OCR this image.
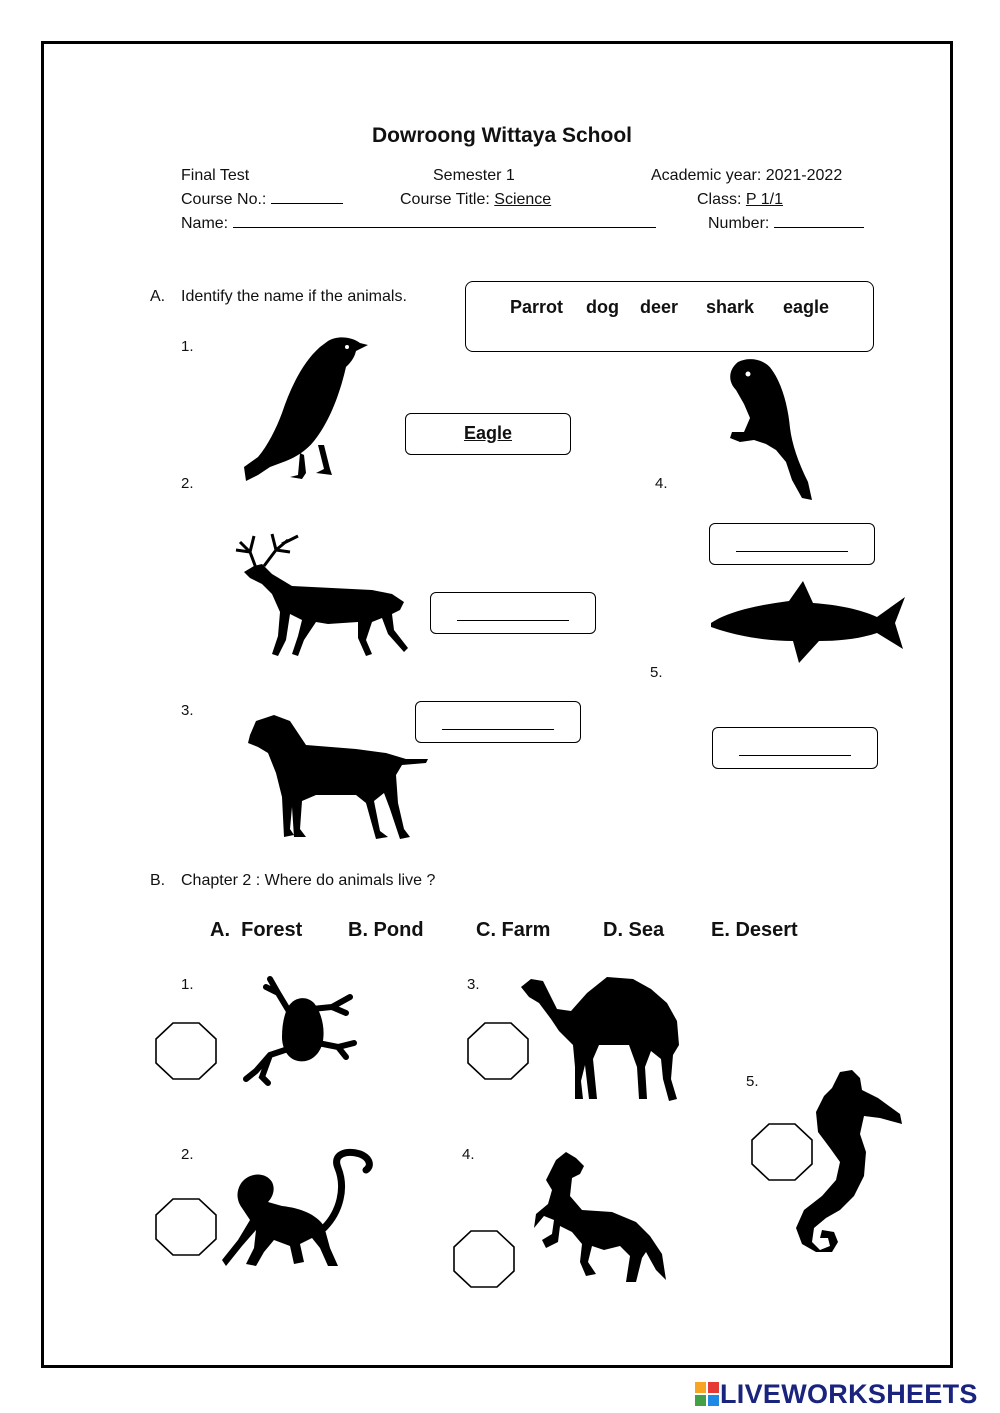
Dowroong Wittaya School
Final Test	Semester 1	Academic year: 2021-2022
Course No.:	Course Title: Science	Class: P 1/1
Name:	Number:
A. Identify the name if the animals.
Parrot dog deer shark eagle
1.
2.
3.
4.
5.
Eagle
B. Chapter 2 : Where do animals live ?
A.  Forest B. Pond	C. Farm	D. Sea E. Desert
1.
2.
3.
4.
5.
LIVEWORKSHEETS
